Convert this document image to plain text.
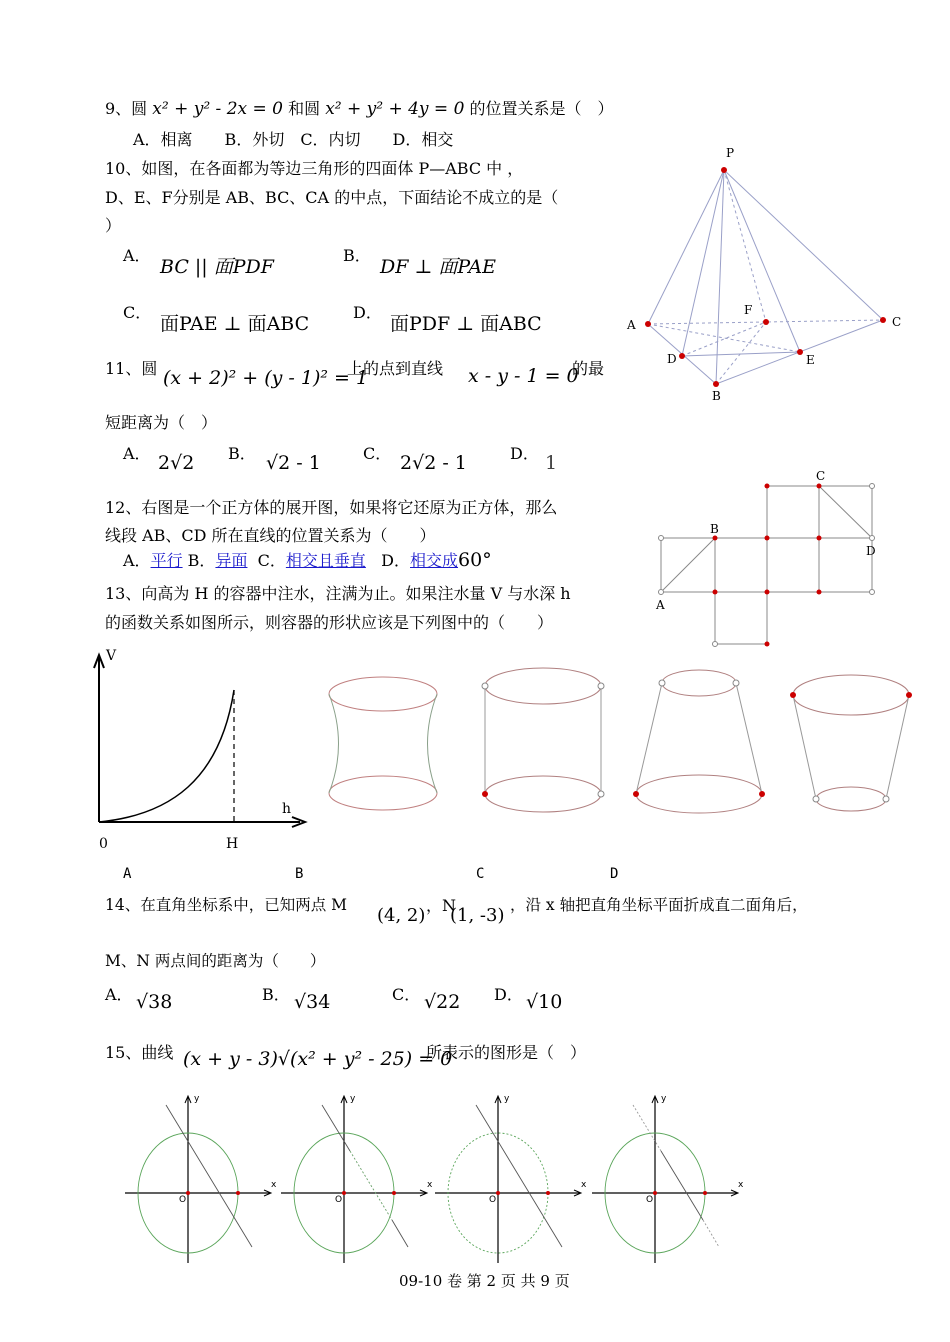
9、圆 x² + y² - 2x = 0 和圆 x² + y² + 4y = 0 的位置关系是（　）
A．相离　　B．外切　C．内切　　D．相交
10、如图，在各面都为等边三角形的四面体 P—ABC 中 ，
D、E、F分别是 AB、BC、CA 的中点，下面结论不成立的是（
）
A．
BC || 面PDF
B．
DF ⊥ 面PAE
C．
面PAE ⊥ 面ABC
D．
面PDF ⊥ 面ABC
P
A
B
C
D	E
F
11、圆 (x + 2)² + (y - 1)² = 1
上的点到直线 x - y - 1 = 0
的最
短距离为（　）
A． 2√2 B． √2 - 1	C． 2√2 - 1	D． 1
12、右图是一个正方体的展开图，如果将它还原为正方体，那么
线段 AB、CD 所在直线的位置关系为（　　）
A．平行 B．异面 C．相交且垂直 D．相交成60°
C
B
D
A
13、向高为 H 的容器中注水，注满为止。如果注水量 V 与水深 h
的函数关系如图所示，则容器的形状应该是下列图中的（　　）
V
h
0	H
A	B	C	D
14、在直角坐标系中，已知两点 M (4, 2) ，N
(1, -3) ，沿 x 轴把直角坐标平面折成直二面角后，
M、N 两点间的距离为（　　）
A． √38	B． √34	C． √22 D． √10
15、曲线 (x + y - 3)√(x² + y² - 25) = 0
所表示的图形是（　）
x
y
O
x
y
O
x
y
O
x
y
O
09-10 卷 第 2 页 共 9 页
